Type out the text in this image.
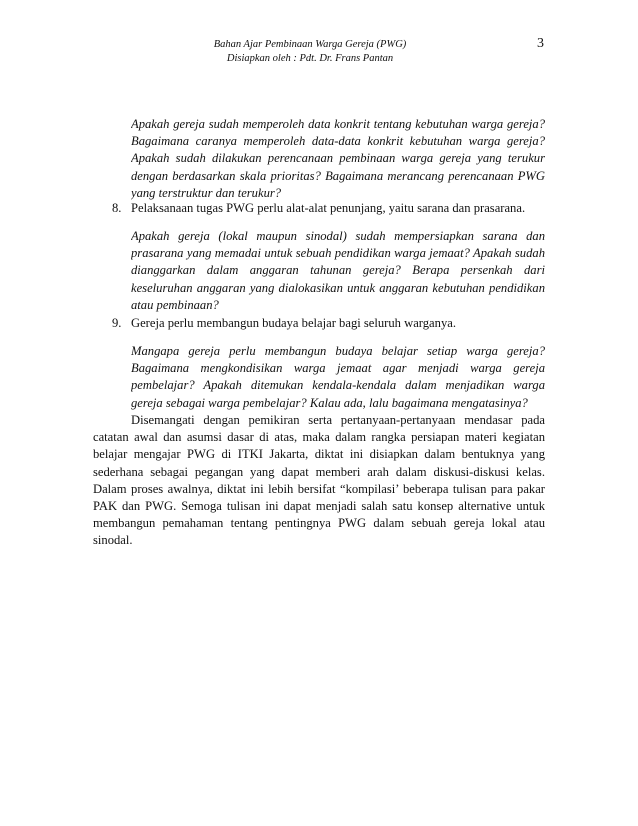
Bahan Ajar Pembinaan Warga Gereja (PWG)
Disiapkan oleh : Pdt. Dr. Frans Pantan
3
Apakah gereja sudah memperoleh data konkrit tentang kebutuhan warga gereja?
Bagaimana caranya memperoleh data-data konkrit kebutuhan warga gereja?
Apakah sudah dilakukan perencanaan pembinaan warga gereja yang terukur
dengan berdasarkan skala prioritas? Bagaimana merancang perencanaan PWG
yang terstruktur dan terukur?
8. Pelaksanaan tugas PWG perlu alat-alat penunjang, yaitu sarana dan prasarana.
Apakah gereja (lokal maupun sinodal) sudah mempersiapkan sarana dan
prasarana yang memadai untuk sebuah pendidikan warga jemaat? Apakah sudah
dianggarkan dalam anggaran tahunan gereja? Berapa persenkah dari
keseluruhan anggaran yang dialokasikan untuk anggaran kebutuhan pendidikan
atau pembinaan?
9. Gereja perlu membangun budaya belajar bagi seluruh warganya.
Mangapa gereja perlu membangun budaya belajar setiap warga gereja?
Bagaimana mengkondisikan warga jemaat agar menjadi warga gereja
pembelajar? Apakah ditemukan kendala-kendala dalam menjadikan warga
gereja sebagai warga pembelajar? Kalau ada, lalu bagaimana mengatasinya?
Disemangati dengan pemikiran serta pertanyaan-pertanyaan mendasar pada
catatan awal dan asumsi dasar di atas, maka dalam rangka persiapan materi kegiatan
belajar mengajar PWG di ITKI Jakarta, diktat ini disiapkan dalam bentuknya yang
sederhana sebagai pegangan yang dapat memberi arah dalam diskusi-diskusi kelas.
Dalam proses awalnya, diktat ini lebih bersifat “kompilasi’ beberapa tulisan para pakar
PAK dan PWG. Semoga tulisan ini dapat menjadi salah satu konsep alternative untuk
membangun pemahaman tentang pentingnya PWG dalam sebuah gereja lokal atau
sinodal.
